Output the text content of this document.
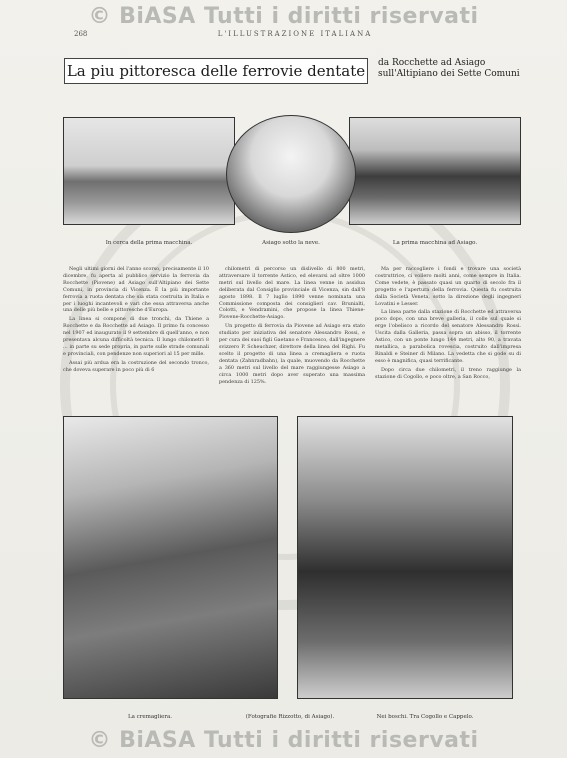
© BiASA Tutti i diritti riservati
268	L'ILLUSTRAZIONE ITALIANA
La piu pittoresca delle ferrovie dentate da Rocchette ad Asiago sull'Altipiano dei Sette Comuni
In cerca della prima macchina.	Asiago sotto la neve.	La prima macchina ad Asiago.

Negli ultimi giorni del l'anno scorso, precisamente il 10 dicembre, fu aperta al pubblico servizio la ferrovia da Rocchette (Piovene) ad Asiago sull'Altipiano dei Sette Comuni, in provincia di Vicenza. È la più importante ferrovia a ruota dentata che sia stata costruita in Italia e per i luoghi incantevoli e vari che essa attraversa anche una delle più belle e pittoresche d'Europa.

La linea si compone di due tronchi, da Thiene a Rocchette e da Rocchette ad Asiago. Il primo fu concesso nel 1907 ed inaugurato il 9 settembre di quell'anno, e non presentava alcuna difficoltà tecnica. Il lungo chilometri 8 ... in parte su sede propria, in parte sulle strade comunali e provinciali, con pendenze non superiori al 15 per mille.

Assai più ardua era la costruzione del secondo tronco, che doveva superare in poco più di 6

chilometri di percorso un dislivello di 800 metri, attraversare il torrente Astico, ed elevarsi ad oltre 1000 metri sul livello del mare. La linea venne in assidua deliberata dal Consiglio provinciale di Vicenza, sin dall'8 agosto 1898. Il 7 luglio 1890 venne nominata una Commissione composta dei consiglieri cav. Brunialti, Colotti, e Vendramini, che propose la linea Thiene-Piovene-Rocchette-Asiago.

Un progetto di ferrovia da Piovene ad Asiago era stato studiato per iniziativa del senatore Alessandro Rossi, e per cura dei suoi figli Gaetano e Francesco, dall'ingegnere svizzero P. Scheuchzer, direttore della linea del Righi. Fu scelto il progetto di una linea a cremagliera e ruota dentata (Zahnradbahn), la quale, muovendo da Rocchette a 360 metri sul livello del mare raggiungesse Asiago a circa 1000 metri dopo aver superato una massima pendenza di 125%.

Ma per raccogliere i fondi e trovare una società costruttrice, ci vollero molti anni, come sempre in Italia. Come vedete, è passato quasi un quarto di secolo fra il progetto e l'apertura della ferrovia. Questa fu costruita dalla Società Veneta, sotto la direzione degli ingegneri Lovatini e Lesser.

La linea parte dalla stazione di Rocchette ed attraversa poco dopo, con una breve galleria, il colle sul quale si erge l'obelisco a ricordo del senatore Alessandro Rossi. Uscita dalla Galleria, passa sopra un abisso, il torrente Astico, con un ponte lungo 144 metri, alto 90, a travata metallica, a parabolica rovescia, costruito dall'impresa Rinaldi e Steiner di Milano. La vedetta che si gode su di esso è magnifica, quasi terrificante.

Dopo circa due chilometri, il treno raggiunge la stazione di Cogollo, e poco oltre, a San Rocco,

La cremagliera.	(Fotografie Rizzotto, di Asiago).	Nei boschi. Tra Cogollo e Cappelo.
© BiASA Tutti i diritti riservati
